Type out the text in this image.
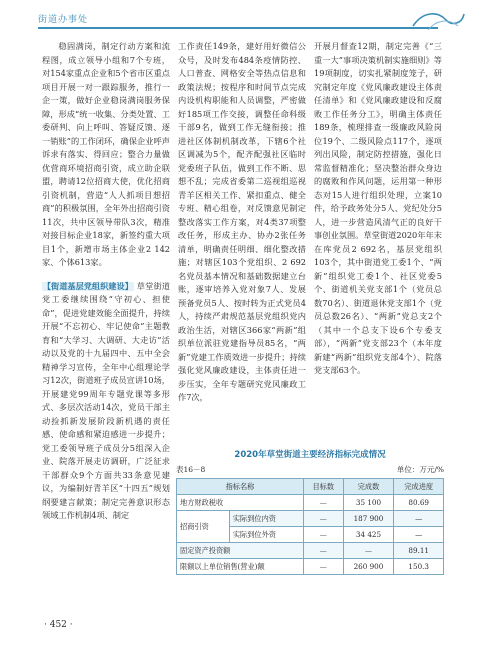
街道办事处

稳固满岗，制定行动方案和流程图，成立领导小组和7个专班，对154家重点企业和5个省市区重点项目开展一对一跟踪服务，推行一企一策，做好企业稳岗满岗服务保障，形成“统一收集、分类处置、工委研判、向上呼叫、答疑反馈、逐一销账”的工作闭环，确保企业呼声诉求有落实、得回应；整合力量做优营商环境招商引资，成立助企联盟，聘请12位招商大使，优化招商引资机制，营造“人人抓项目想招商”的积极氛围，全年外出招商引资11次，共中区领导带队3次，精准对接目标企业18家，新签约重大项目1个，新增市场主体企业2 142家、个体613家。

【街道基层党组织建设】 草堂街道党工委继续围绕“守初心、担使命”，促进党建效能全面提升，持续开展“不忘初心、牢记使命”主题教育和“大学习、大调研、大走访”活动以及党的十九届四中、五中全会精神学习宣传，全年中心组理论学习12次，街道班子成员宣讲10场，开展建党99周年专题党课等多形式、多层次活动14次，党员干部主动捡抓新发展阶段新机遇的责任感、使命感和紧迫感进一步提升；党工委领导班子成员分5组深入企业、院落开展走访调研，广泛征求干部群众9个方面共33条意见建议，为编制好青羊区“十四五”规划纲要建言献策；制定完善意识形态领域工作机制4项、制定

工作责任149条，建好用好微信公众号，及时发布484条疫情防控、人口普查、网格安全等热点信息和政策法规；按程序和时间节点完成内设机构职能和人员调整，严密做好185项工作交接，调整任命科级干部9名，做到工作无缝衔接；推进社区体制机制改革，下辖6个社区调减为5个，配齐配强社区临时党委班子队伍，做到工作不断、思想不乱；完成省委第二巡视组巡视青羊区相关工作、紧扣重点、健全专班、精心组卷，对反馈意见制定整改落实工作方案，对4类37项整改任务，形成主办、协办2张任务清单，明确责任明细、细化整改措施；对辖区103个党组织、2 692名党员基本情况和基础数据建立台账，逐审培养入党对象7人、发展预备党员5人、按时转为正式党员4人，持续严肃规范基层党组织党内政治生活，对辖区366家“两新”组织单位派驻党建指导员85名，“两新”党建工作质效进一步提升；持续强化党风廉政建设，主体责任进一步压实，全年专题研究党风廉政工作7次，

开展月督查12期，制定完善《“三重一大”事项决策机制实施细则》等19项制度，切实扎紧制度笼子，研究制定年度《党风廉政建设主体责任清单》和《党风廉政建设和反腐败工作任务分工》，明确主体责任189条，梳理排查一级廉政风险岗位19个、二级风险点117个，逐项列出风险，制定防控措施，强化日常监督精准化；坚决整治群众身边的腐败和作风问题，运用第一种形态对15人进行组织处理，立案10件，给予政务处分5人、党纪处分5人，进一步营造风清气正的良好干事创业氛围。草堂街道2020年年末在库党员2 692名，基层党组织103个，其中街道党工委1个、“两新”组织党工委1个、社区党委5个、街道机关党支部1个（党员总数70名）、街道退休党支部1个（党员总数26名）、“两新”党总支2个（其中一个总支下设6个专委支部），“两新”党支部23个（本年度新建“两新”组织党支部4个）、院落党支部63个。

2020年草堂街道主要经济指标完成情况
表16－8	单位：万元/%
指标名称		目标数	完成数	完成进度
地方财政税收		—	35 100	80.69
招商引资	实际到位内资	—	187 900	—
	实际到位外资	—	34 425	—
固定资产投资额		—	—	89.11
限额以上单位销售(营业)额		—	260 900	150.3
· 452 ·
